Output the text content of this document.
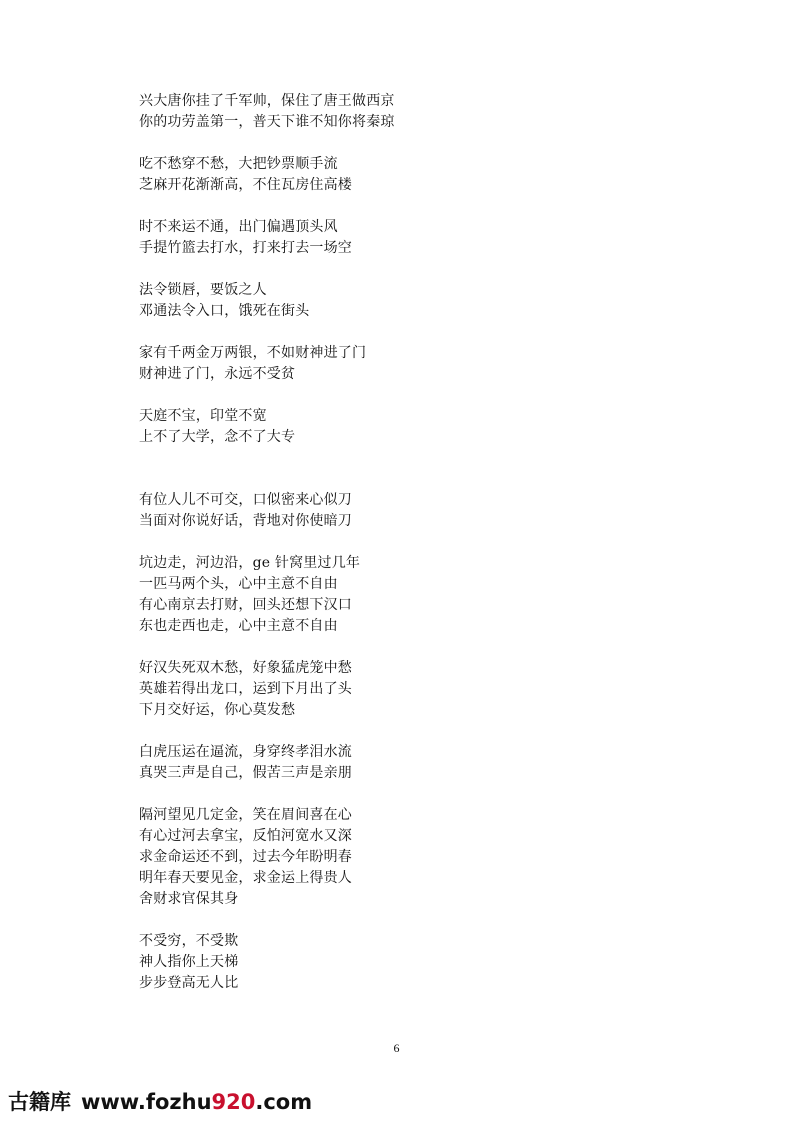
兴大唐你挂了千军帅，保住了唐王做西京
你的功劳盖第一，普天下谁不知你将秦琼
吃不愁穿不愁，大把钞票顺手流
芝麻开花渐渐高，不住瓦房住高楼
时不来运不通，出门偏遇顶头风
手提竹篮去打水，打来打去一场空
法令锁唇，要饭之人
邓通法令入口，饿死在街头
家有千两金万两银，不如财神进了门
财神进了门，永远不受贫
天庭不宝，印堂不宽
上不了大学，念不了大专
有位人儿不可交，口似密来心似刀
当面对你说好话，背地对你使暗刀
坑边走，河边沿，ge 针窝里过几年
一匹马两个头，心中主意不自由
有心南京去打财，回头还想下汉口
东也走西也走，心中主意不自由
好汉失死双木愁，好象猛虎笼中愁
英雄若得出龙口，运到下月出了头
下月交好运，你心莫发愁
白虎压运在逼流，身穿终孝泪水流
真哭三声是自己，假苦三声是亲朋
隔河望见几定金，笑在眉间喜在心
有心过河去拿宝，反怕河宽水又深
求金命运还不到，过去今年盼明春
明年春天要见金，求金运上得贵人
舍财求官保其身
不受穷，不受欺
神人指你上天梯
步步登高无人比
6
古籍库 www.fozhu920.com
